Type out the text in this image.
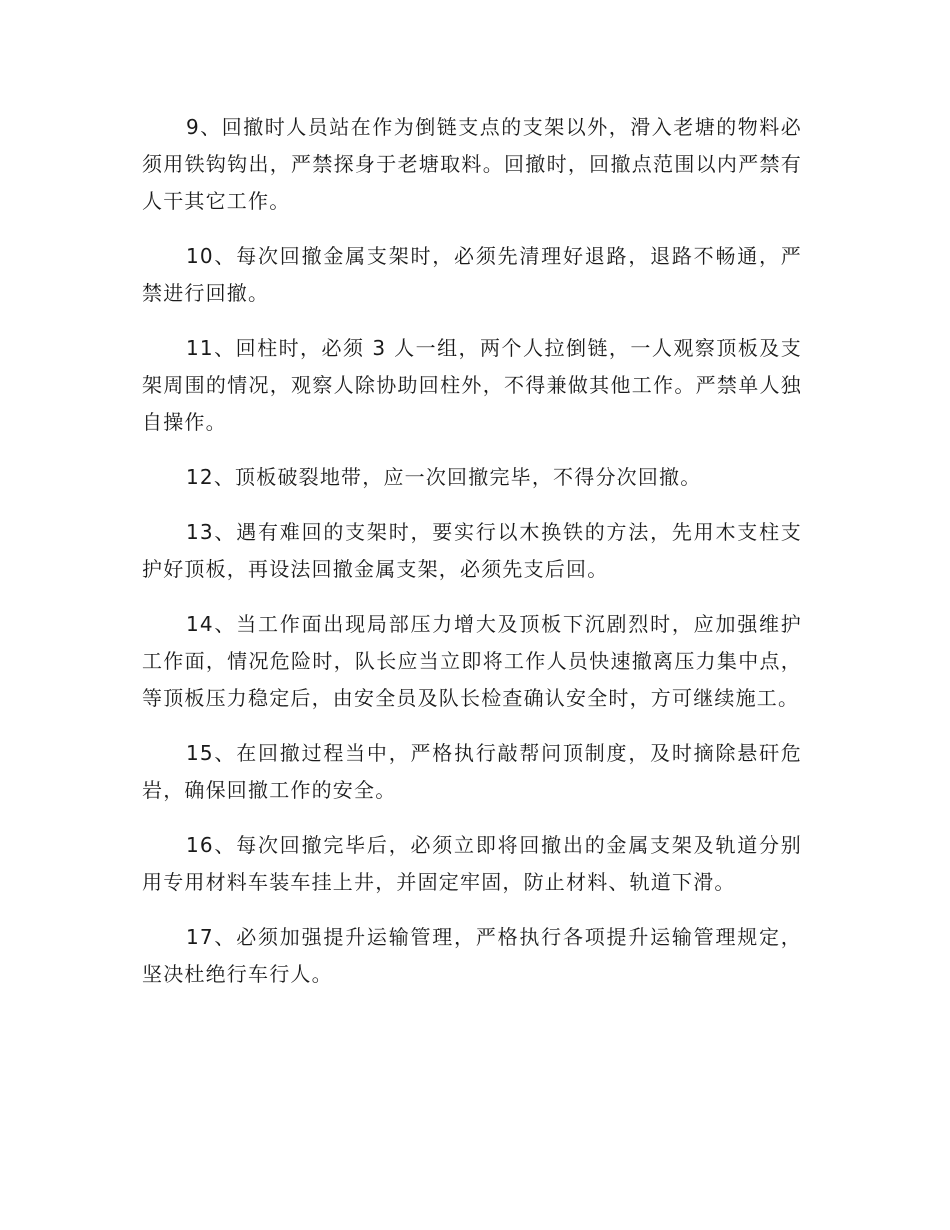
9、回撤时人员站在作为倒链支点的支架以外，滑入老塘的物料必须用铁钩钩出，严禁探身于老塘取料。回撤时，回撤点范围以内严禁有人干其它工作。

10、每次回撤金属支架时，必须先清理好退路，退路不畅通，严禁进行回撤。

11、回柱时，必须 3 人一组，两个人拉倒链，一人观察顶板及支架周围的情况，观察人除协助回柱外，不得兼做其他工作。严禁单人独自操作。

12、顶板破裂地带，应一次回撤完毕，不得分次回撤。

13、遇有难回的支架时，要实行以木换铁的方法，先用木支柱支护好顶板，再设法回撤金属支架，必须先支后回。

14、当工作面出现局部压力增大及顶板下沉剧烈时，应加强维护工作面，情况危险时，队长应当立即将工作人员快速撤离压力集中点，等顶板压力稳定后，由安全员及队长检查确认安全时，方可继续施工。

15、在回撤过程当中，严格执行敲帮问顶制度，及时摘除悬矸危岩，确保回撤工作的安全。

16、每次回撤完毕后，必须立即将回撤出的金属支架及轨道分别用专用材料车装车挂上井，并固定牢固，防止材料、轨道下滑。

17、必须加强提升运输管理，严格执行各项提升运输管理规定，坚决杜绝行车行人。
